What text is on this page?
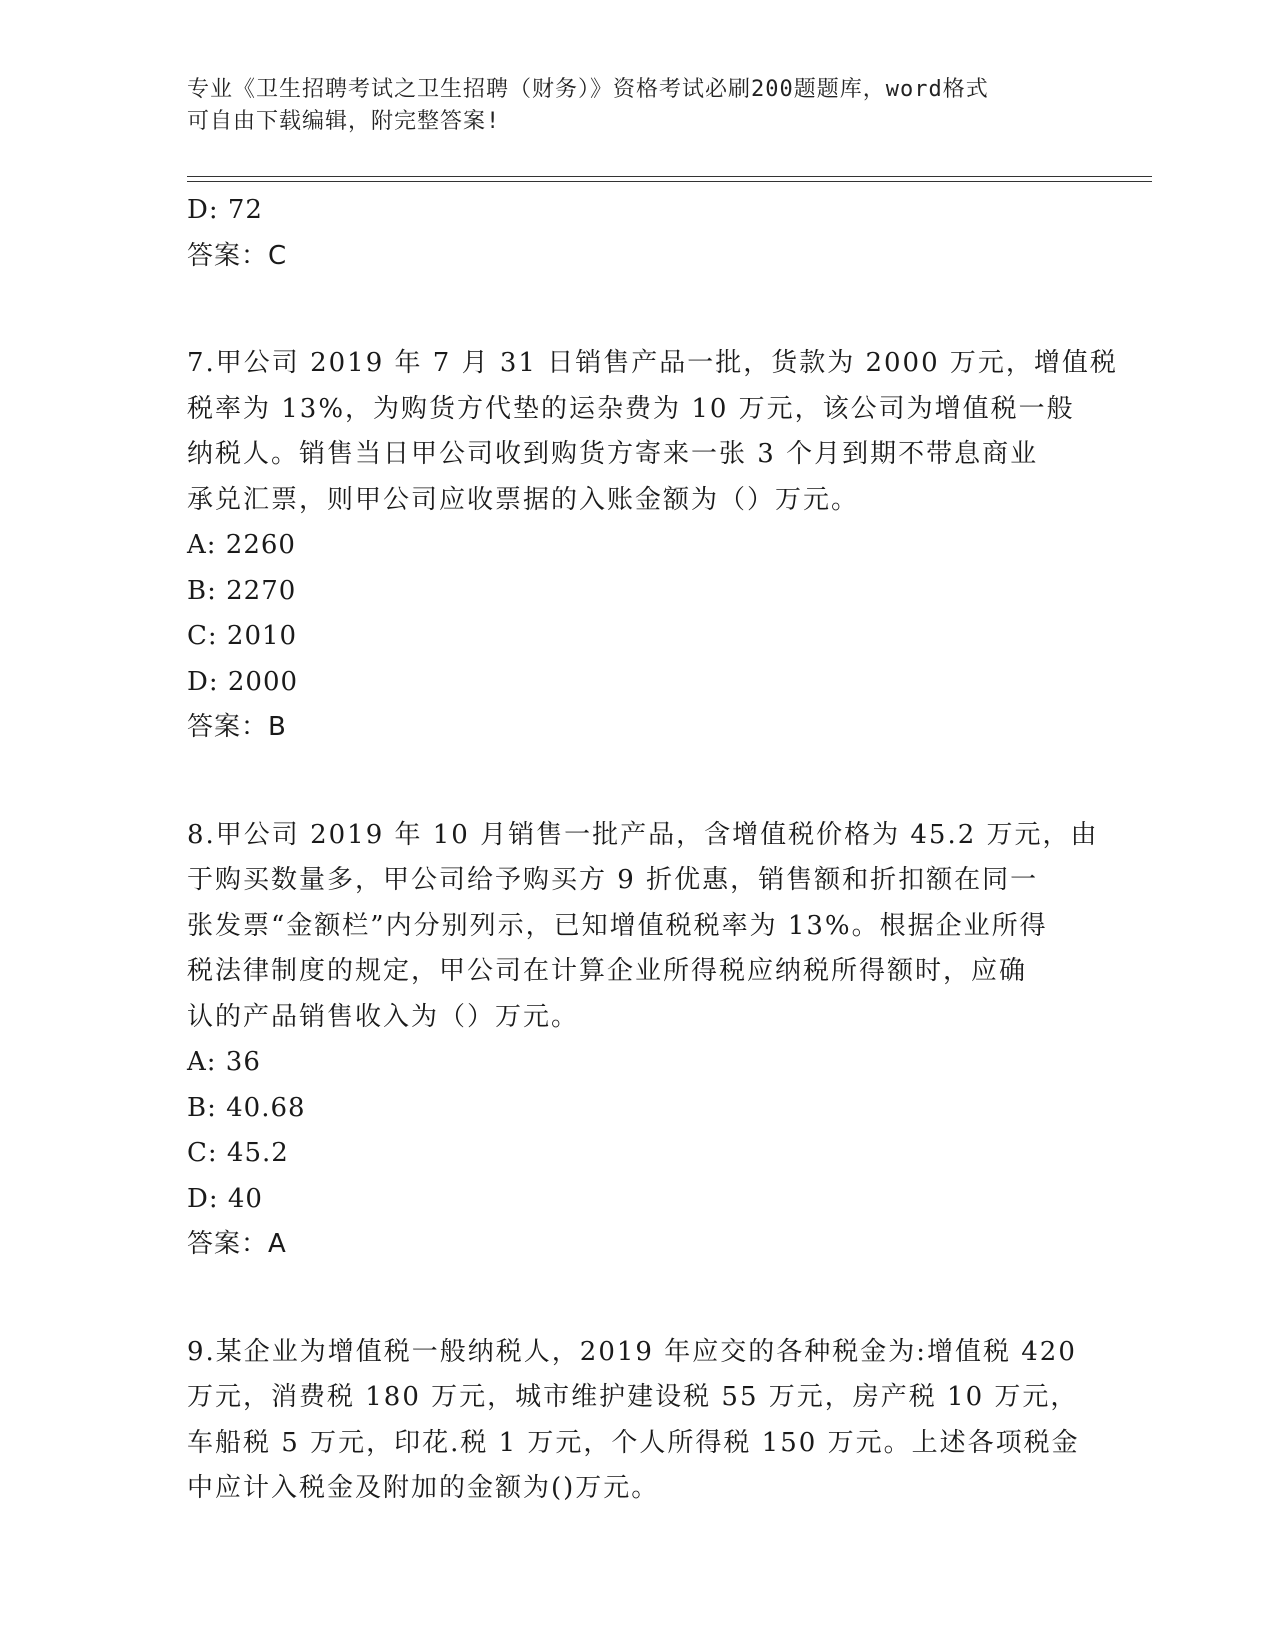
专业《卫生招聘考试之卫生招聘（财务）》资格考试必刷200题题库，word格式
可自由下载编辑，附完整答案!
D: 72
答案：C
7.甲公司 2019 年 7 月 31 日销售产品一批，货款为 2000 万元，增值税
税率为 13%，为购货方代垫的运杂费为 10 万元，该公司为增值税一般
纳税人。销售当日甲公司收到购货方寄来一张 3 个月到期不带息商业
承兑汇票，则甲公司应收票据的入账金额为（）万元。
A: 2260
B: 2270
C: 2010
D: 2000
答案：B
8.甲公司 2019 年 10 月销售一批产品，含增值税价格为 45.2 万元，由
于购买数量多，甲公司给予购买方 9 折优惠，销售额和折扣额在同一
张发票“金额栏”内分别列示，已知增值税税率为 13%。根据企业所得
税法律制度的规定，甲公司在计算企业所得税应纳税所得额时，应确
认的产品销售收入为（）万元。
A: 36
B: 40.68
C: 45.2
D: 40
答案：A
9.某企业为增值税一般纳税人，2019 年应交的各种税金为:增值税 420
万元，消费税 180 万元，城市维护建设税 55 万元，房产税 10 万元，
车船税 5 万元，印花.税 1 万元，个人所得税 150 万元。上述各项税金
中应计入税金及附加的金额为()万元。
